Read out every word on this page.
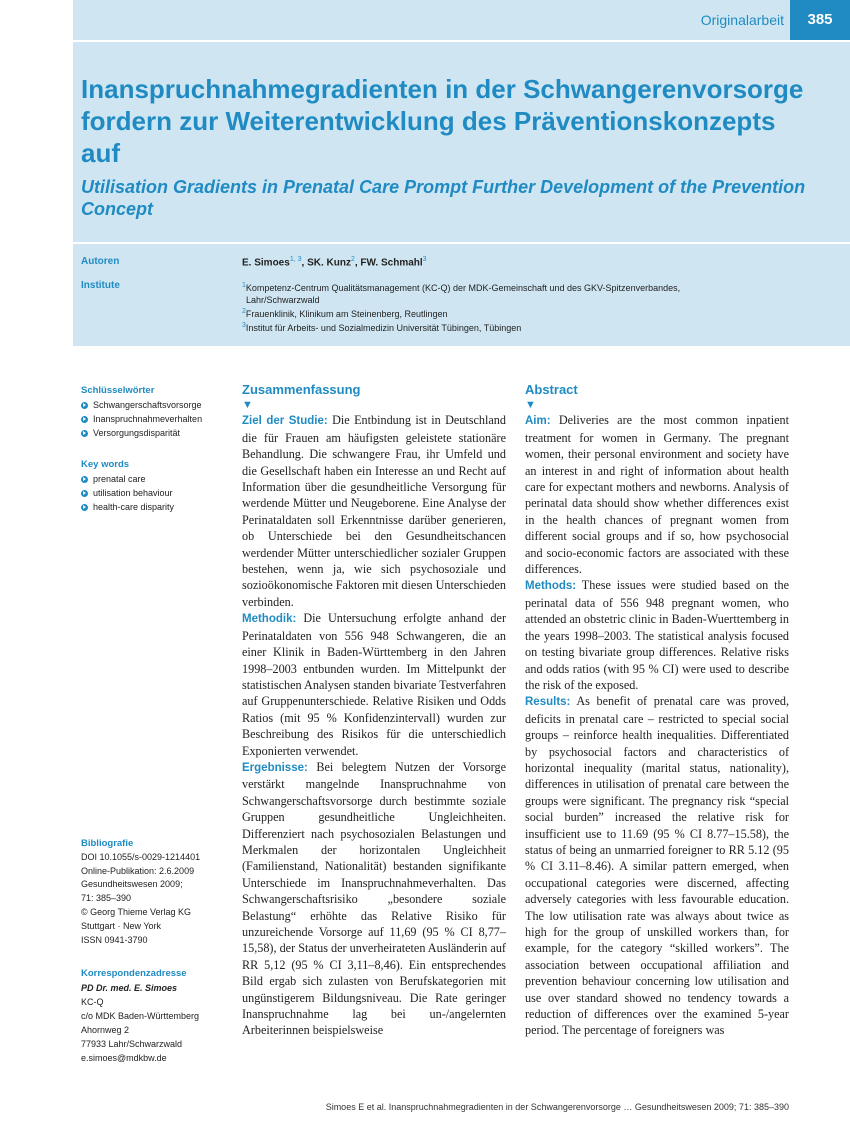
Originalarbeit	385
Inanspruchnahmegradienten in der Schwangerenvorsorge fordern zur Weiterentwicklung des Präventionskonzepts auf
Utilisation Gradients in Prenatal Care Prompt Further Development of the Prevention Concept
Autoren	E. Simoes$^{1, 3}$, SK. Kunz$^2$, FW. Schmahl$^3$
Institute	$^1$Kompetenz-Centrum Qualitätsmanagement (KC-Q) der MDK-Gemeinschaft und des GKV-Spitzenverbandes,
Lahr/Schwarzwald
$^2$Frauenklinik, Klinikum am Steinenberg, Reutlingen
$^3$Institut für Arbeits- und Sozialmedizin Universität Tübingen, Tübingen
Schlüsselwörter
Schwangerschaftsvorsorge
Inanspruchnahmeverhalten
Versorgungsdisparität
Key words
prenatal care
utilisation behaviour
health-care disparity
Bibliografie
DOI 10.1055/s-0029-1214401
Online-Publikation: 2.6.2009
Gesundheitswesen 2009;
71: 385–390
© Georg Thieme Verlag KG
Stuttgart · New York
ISSN 0941-3790
Korrespondenzadresse
PD Dr. med. E. Simoes
KC-Q
c/o MDK Baden-Württemberg
Ahornweg 2
77933 Lahr/Schwarzwald
e.simoes@mdkbw.de
Zusammenfassung
▼

Ziel der Studie: Die Entbindung ist in Deutschland die für Frauen am häufigsten geleistete stationäre Behandlung. Die schwangere Frau, ihr Umfeld und die Gesellschaft haben ein Interesse an und Recht auf Information über die gesundheitliche Versorgung für werdende Mütter und Neugeborene. Eine Analyse der Perinataldaten soll Erkenntnisse darüber generieren, ob Unterschiede bei den Gesundheitschancen werdender Mütter unterschiedlicher sozialer Gruppen bestehen, wenn ja, wie sich psychosoziale und sozioökonomische Faktoren mit diesen Unterschieden verbinden.

Methodik: Die Untersuchung erfolgte anhand der Perinataldaten von 556 948 Schwangeren, die an einer Klinik in Baden-Württemberg in den Jahren 1998–2003 entbunden wurden. Im Mittelpunkt der statistischen Analysen standen bivariate Testverfahren auf Gruppenunterschiede. Relative Risiken und Odds Ratios (mit 95 % Konfidenzintervall) wurden zur Beschreibung des Risikos für die unterschiedlich Exponierten verwendet.

Ergebnisse: Bei belegtem Nutzen der Vorsorge verstärkt mangelnde Inanspruchnahme von Schwangerschaftsvorsorge durch bestimmte soziale Gruppen gesundheitliche Ungleichheiten. Differenziert nach psychosozialen Belastungen und Merkmalen der horizontalen Ungleichheit (Familienstand, Nationalität) bestanden signifikante Unterschiede im Inanspruchnahmeverhalten. Das Schwangerschaftsrisiko „besondere soziale Belastung“ erhöhte das Relative Risiko für unzureichende Vorsorge auf 11,69 (95 % CI 8,77–15,58), der Status der unverheirateten Ausländerin auf RR 5,12 (95 % CI 3,11–8,46). Ein entsprechendes Bild ergab sich zulasten von Berufskategorien mit ungünstigerem Bildungsniveau. Die Rate geringer Inanspruchnahme lag bei un-/angelernten Arbeiterinnen beispielsweise

Abstract
▼

Aim: Deliveries are the most common inpatient treatment for women in Germany. The pregnant women, their personal environment and society have an interest in and right of information about health care for expectant mothers and newborns. Analysis of perinatal data should show whether differences exist in the health chances of pregnant women from different social groups and if so, how psychosocial and socio-economic factors are associated with these differences.

Methods: These issues were studied based on the perinatal data of 556 948 pregnant women, who attended an obstetric clinic in Baden-Wuerttemberg in the years 1998–2003. The statistical analysis focused on testing bivariate group differences. Relative risks and odds ratios (with 95 % CI) were used to describe the risk of the exposed.

Results: As benefit of prenatal care was proved, deficits in prenatal care – restricted to special social groups – reinforce health inequalities. Differentiated by psychosocial factors and characteristics of horizontal inequality (marital status, nationality), differences in utilisation of prenatal care between the groups were significant. The pregnancy risk “special social burden” increased the relative risk for insufficient use to 11.69 (95 % CI 8.77–15.58), the status of being an unmarried foreigner to RR 5.12 (95 % CI 3.11–8.46). A similar pattern emerged, when occupational categories were discerned, affecting adversely categories with less favourable education. The low utilisation rate was always about twice as high for the group of unskilled workers than, for example, for the category “skilled workers”. The association between occupational affiliation and prevention behaviour concerning low utilisation and use over standard showed no tendency towards a reduction of differences over the examined 5-year period. The percentage of foreigners was

Simoes E et al. Inanspruchnahmegradienten in der Schwangerenvorsorge … Gesundheitswesen 2009; 71: 385–390
